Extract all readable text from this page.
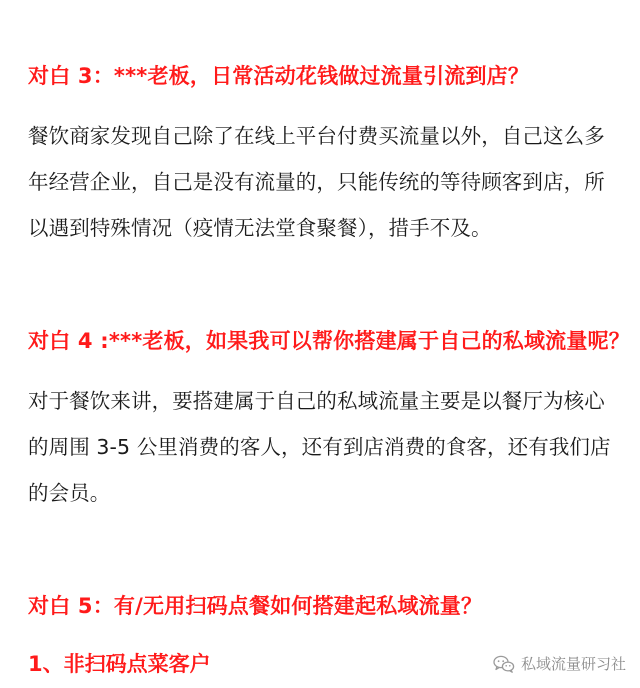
对白 3：***老板，日常活动花钱做过流量引流到店？

餐饮商家发现自己除了在线上平台付费买流量以外，自己这么多
年经营企业，自己是没有流量的，只能传统的等待顾客到店，所
以遇到特殊情况（疫情无法堂食聚餐），措手不及。

对白 4 :***老板，如果我可以帮你搭建属于自己的私域流量呢？

对于餐饮来讲，要搭建属于自己的私域流量主要是以餐厅为核心
的周围 3-5 公里消费的客人，还有到店消费的食客，还有我们店
的会员。

对白 5：有/无用扫码点餐如何搭建起私域流量？
1、非扫码点菜客户	私域流量研习社
